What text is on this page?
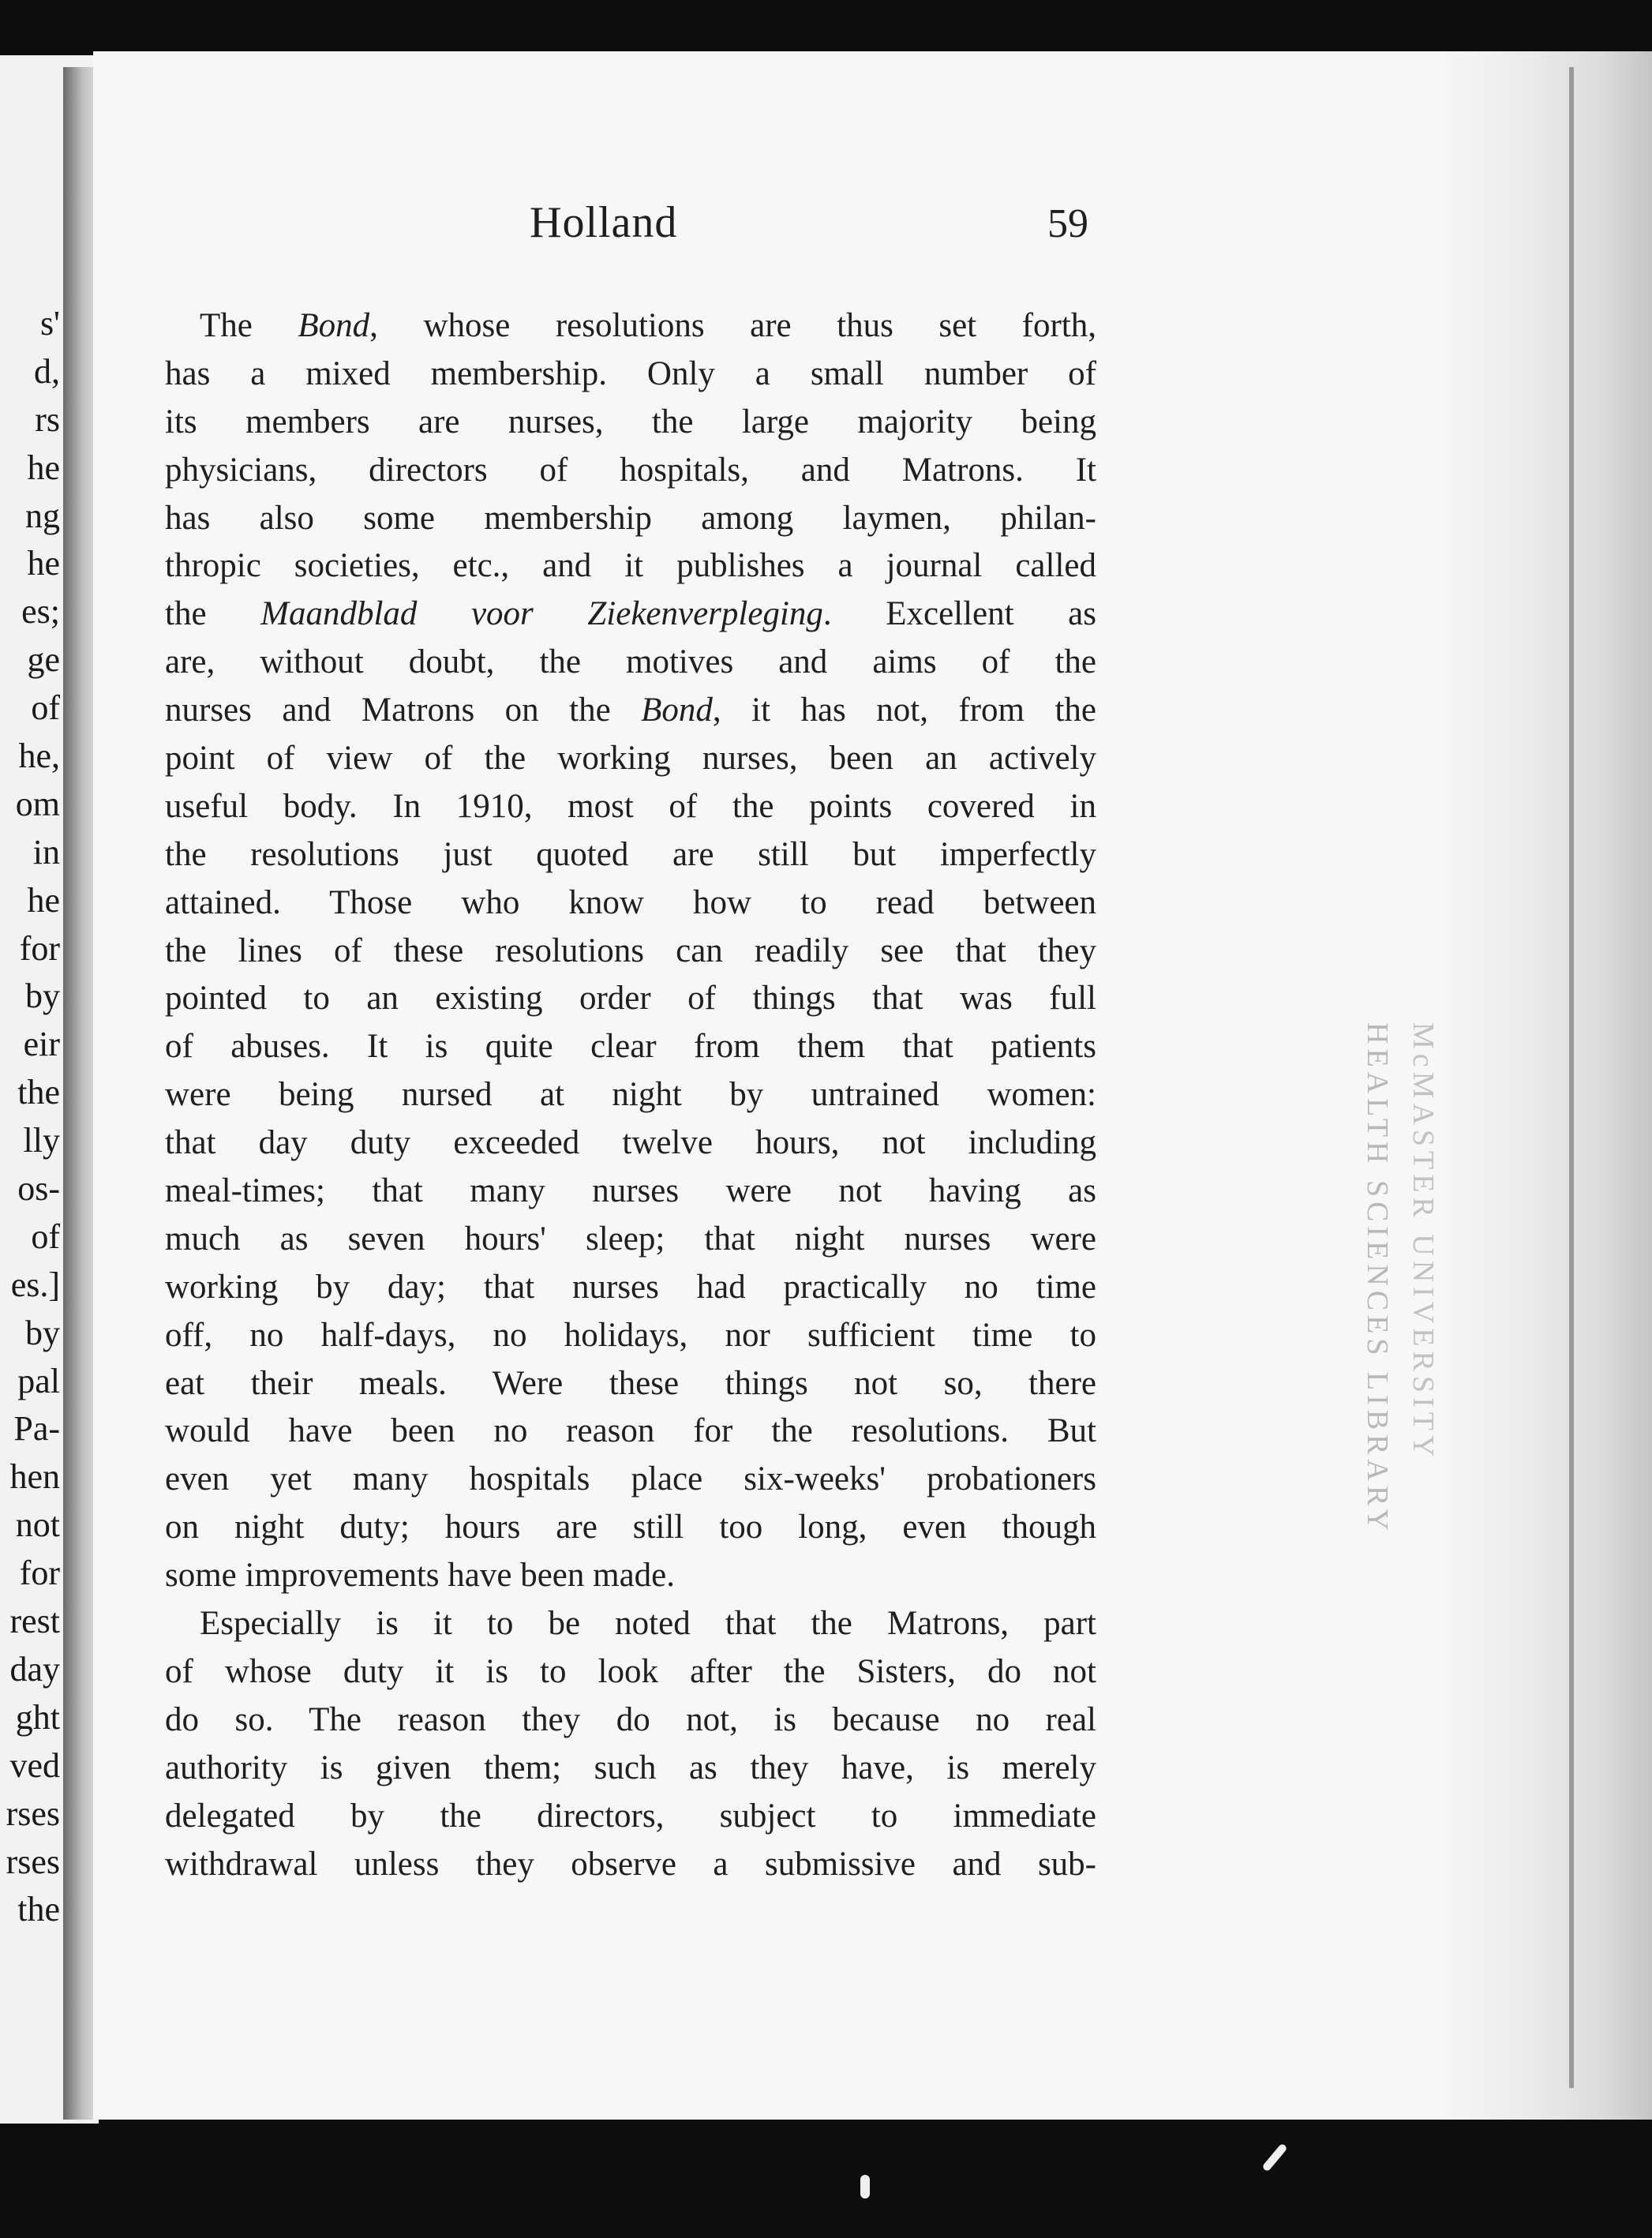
s'
d,
rs
he
ng
he
es;
ge
of
he,
om
in
he
for
by
eir
the
lly
os-
of
es.]
by
pal
Pa-
hen
not
for
rest
day
ght
ved
rses
rses
the
Holland	59
The Bond, whose resolutions are thus set forth,
has a mixed membership. Only a small number of
its members are nurses, the large majority being
physicians, directors of hospitals, and Matrons. It
has also some membership among laymen, philan-
thropic societies, etc., and it publishes a journal called
the Maandblad voor Ziekenverpleging. Excellent as
are, without doubt, the motives and aims of the
nurses and Matrons on the Bond, it has not, from the
point of view of the working nurses, been an actively
useful body. In 1910, most of the points covered in
the resolutions just quoted are still but imperfectly
attained. Those who know how to read between
the lines of these resolutions can readily see that they
pointed to an existing order of things that was full
of abuses. It is quite clear from them that patients
were being nursed at night by untrained women:
that day duty exceeded twelve hours, not including
meal-times; that many nurses were not having as
much as seven hours' sleep; that night nurses were
working by day; that nurses had practically no time
off, no half-days, no holidays, nor sufficient time to
eat their meals. Were these things not so, there
would have been no reason for the resolutions. But
even yet many hospitals place six-weeks' probationers
on night duty; hours are still too long, even though
some improvements have been made.
Especially is it to be noted that the Matrons, part
of whose duty it is to look after the Sisters, do not
do so. The reason they do not, is because no real
authority is given them; such as they have, is merely
delegated by the directors, subject to immediate
withdrawal unless they observe a submissive and sub-
HEALTH SCIENCES LIBRARY McMASTER UNIVERSITY
